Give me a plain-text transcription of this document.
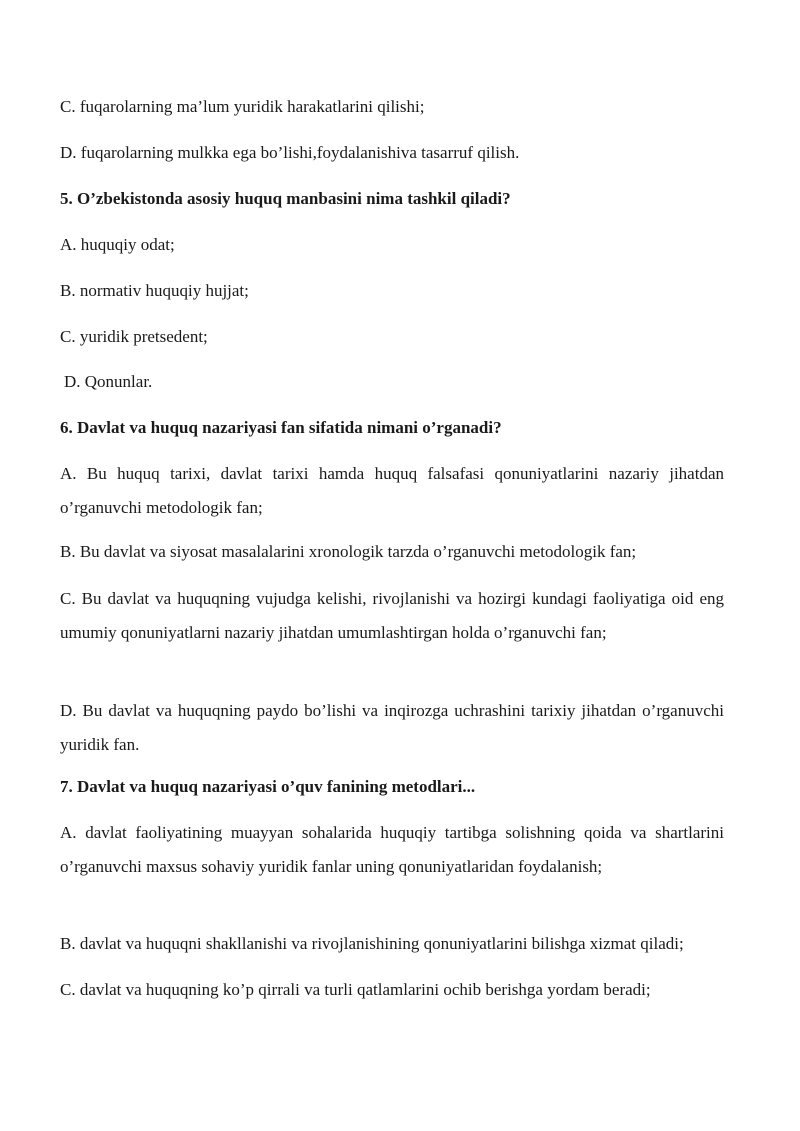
C. fuqarolarning ma’lum yuridik harakatlarini qilishi;
D. fuqarolarning mulkka ega bo’lishi,foydalanishiva tasarruf qilish.
5. O’zbekistonda asosiy huquq manbasini nima tashkil qiladi?
A. huquqiy odat;
B. normativ huquqiy hujjat;
C. yuridik pretsedent;
D. Qonunlar.
6. Davlat va huquq nazariyasi fan sifatida nimani o’rganadi?
A. Bu huquq tarixi, davlat tarixi hamda huquq falsafasi qonuniyatlarini nazariy jihatdan o’rganuvchi metodologik fan;
B. Bu davlat va siyosat masalalarini xronologik tarzda o’rganuvchi metodologik fan;
C. Bu davlat va huquqning vujudga kelishi, rivojlanishi va hozirgi kundagi faoliyatiga oid eng umumiy qonuniyatlarni nazariy jihatdan umumlashtirgan holda o’rganuvchi fan;
D. Bu davlat va huquqning paydo bo’lishi va inqirozga uchrashini tarixiy jihatdan o’rganuvchi yuridik fan.
7. Davlat va huquq nazariyasi o’quv fanining metodlari...
A. davlat faoliyatining muayyan sohalarida huquqiy tartibga solishning qoida va shartlarini o’rganuvchi maxsus sohaviy yuridik fanlar uning qonuniyatlaridan foydalanish;
B. davlat va huquqni shakllanishi va rivojlanishining qonuniyatlarini bilishga xizmat qiladi;
C. davlat va huquqning ko’p qirrali va turli qatlamlarini ochib berishga yordam beradi;
